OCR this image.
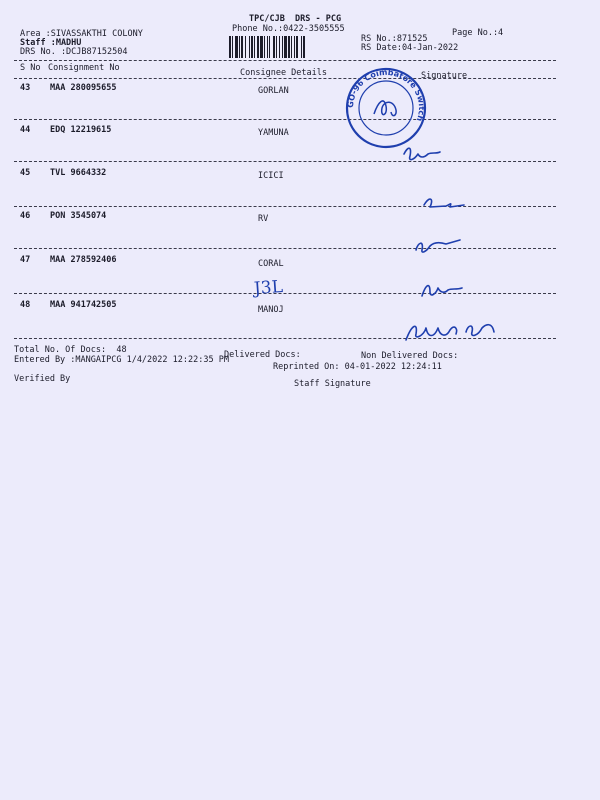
TPC/CJB  DRS - PCG
Phone No.:0422-3505555
Area :SIVASSAKTHI COLONY
Staff :MADHU
DRS No. :DCJB87152504
RS No.:871525
RS Date:04-Jan-2022
Page No.:4
S No Consignment No	Consignee Details	Signature
43 MAA 280095655	GORLAN
44 EDQ 12219615	YAMUNA
45 TVL 9664332	ICICI
46 PON 3545074	RV
47 MAA 278592406	CORAL
48 MAA 941742505	MANOJ
J3L
GO-96 Coimbatore Switch
Total No. Of Docs:  48	Delivered Docs:	Non Delivered Docs:
Entered By :MANGAIPCG 1/4/2022 12:22:35 PM
Reprinted On: 04-01-2022 12:24:11
Verified By	Staff Signature
